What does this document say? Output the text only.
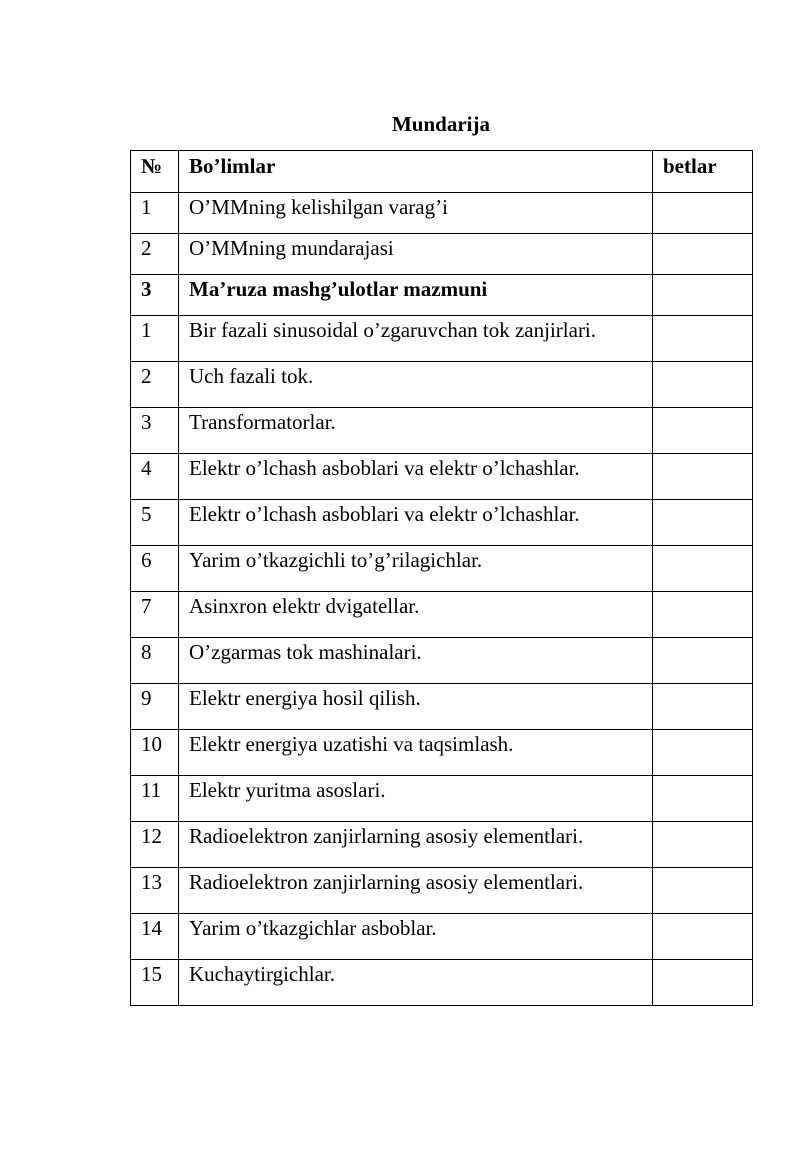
Mundarija
№	Bo’limlar	betlar
1	O’MMning kelishilgan varag’i	
2	O’MMning mundarajasi	
3	Ma’ruza mashg’ulotlar mazmuni	
1	Bir fazali sinusoidal o’zgaruvchan tok zanjirlari.	
2	Uch fazali tok.	
3	Transformatorlar.	
4	Elektr o’lchash asboblari va elektr o’lchashlar.	
5	Elektr o’lchash asboblari va elektr o’lchashlar.	
6	Yarim o’tkazgichli to’g’rilagichlar.	
7	Asinxron elektr dvigatellar.	
8	O’zgarmas tok mashinalari.	
9	Elektr energiya hosil qilish.	
10	Elektr energiya uzatishi va taqsimlash.	
11	Elektr yuritma asoslari.	
12	Radioelektron zanjirlarning asosiy elementlari.	
13	Radioelektron zanjirlarning asosiy elementlari.	
14	Yarim o’tkazgichlar asboblar.	
15	Kuchaytirgichlar.	
